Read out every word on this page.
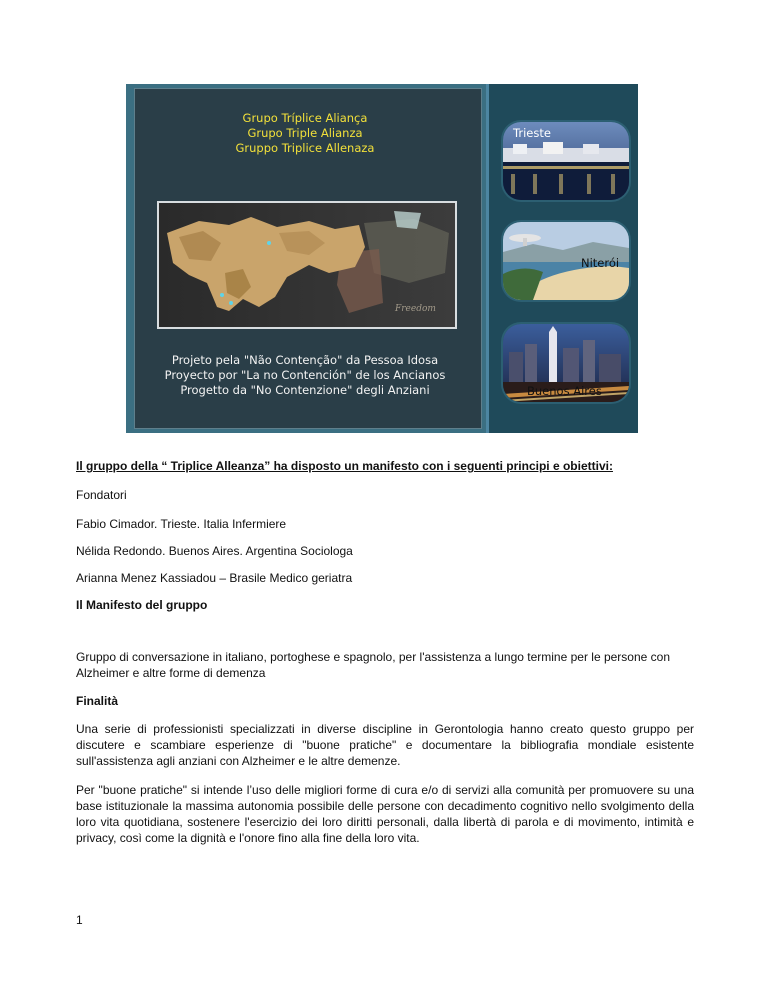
Grupo Tríplice Aliança
Grupo Triple Alianza
Gruppo Triplice Allenaza
Freedom
Projeto pela "Não Contenção" da Pessoa Idosa
Proyecto por "La no Contención" de los Ancianos
Progetto da "No Contenzione" degli Anziani
Trieste
Niterói
Buenos Aires
Il gruppo della “ Triplice Alleanza” ha disposto un manifesto con i seguenti principi e obiettivi:
Fondatori
Fabio Cimador. Trieste. Italia Infermiere
Nélida Redondo. Buenos Aires. Argentina Sociologa
Arianna Menez Kassiadou – Brasile Medico geriatra
Il Manifesto del gruppo
Gruppo di conversazione in italiano, portoghese e spagnolo, per l'assistenza a lungo termine per le persone con Alzheimer e altre forme di demenza
Finalità
Una serie di professionisti specializzati in diverse discipline in Gerontologia hanno creato questo gruppo per discutere e scambiare esperienze di "buone pratiche" e documentare la bibliografia mondiale esistente sull'assistenza agli anziani con Alzheimer e le altre demenze.
Per "buone pratiche" si intende l’uso delle migliori forme di cura e/o di servizi alla comunità per promuovere su una base istituzionale la massima autonomia possibile delle persone con decadimento cognitivo nello svolgimento della loro vita quotidiana, sostenere l'esercizio dei loro diritti personali, dalla libertà di parola e di movimento, intimità e privacy, così come la dignità e l'onore fino alla fine della loro vita.
1
